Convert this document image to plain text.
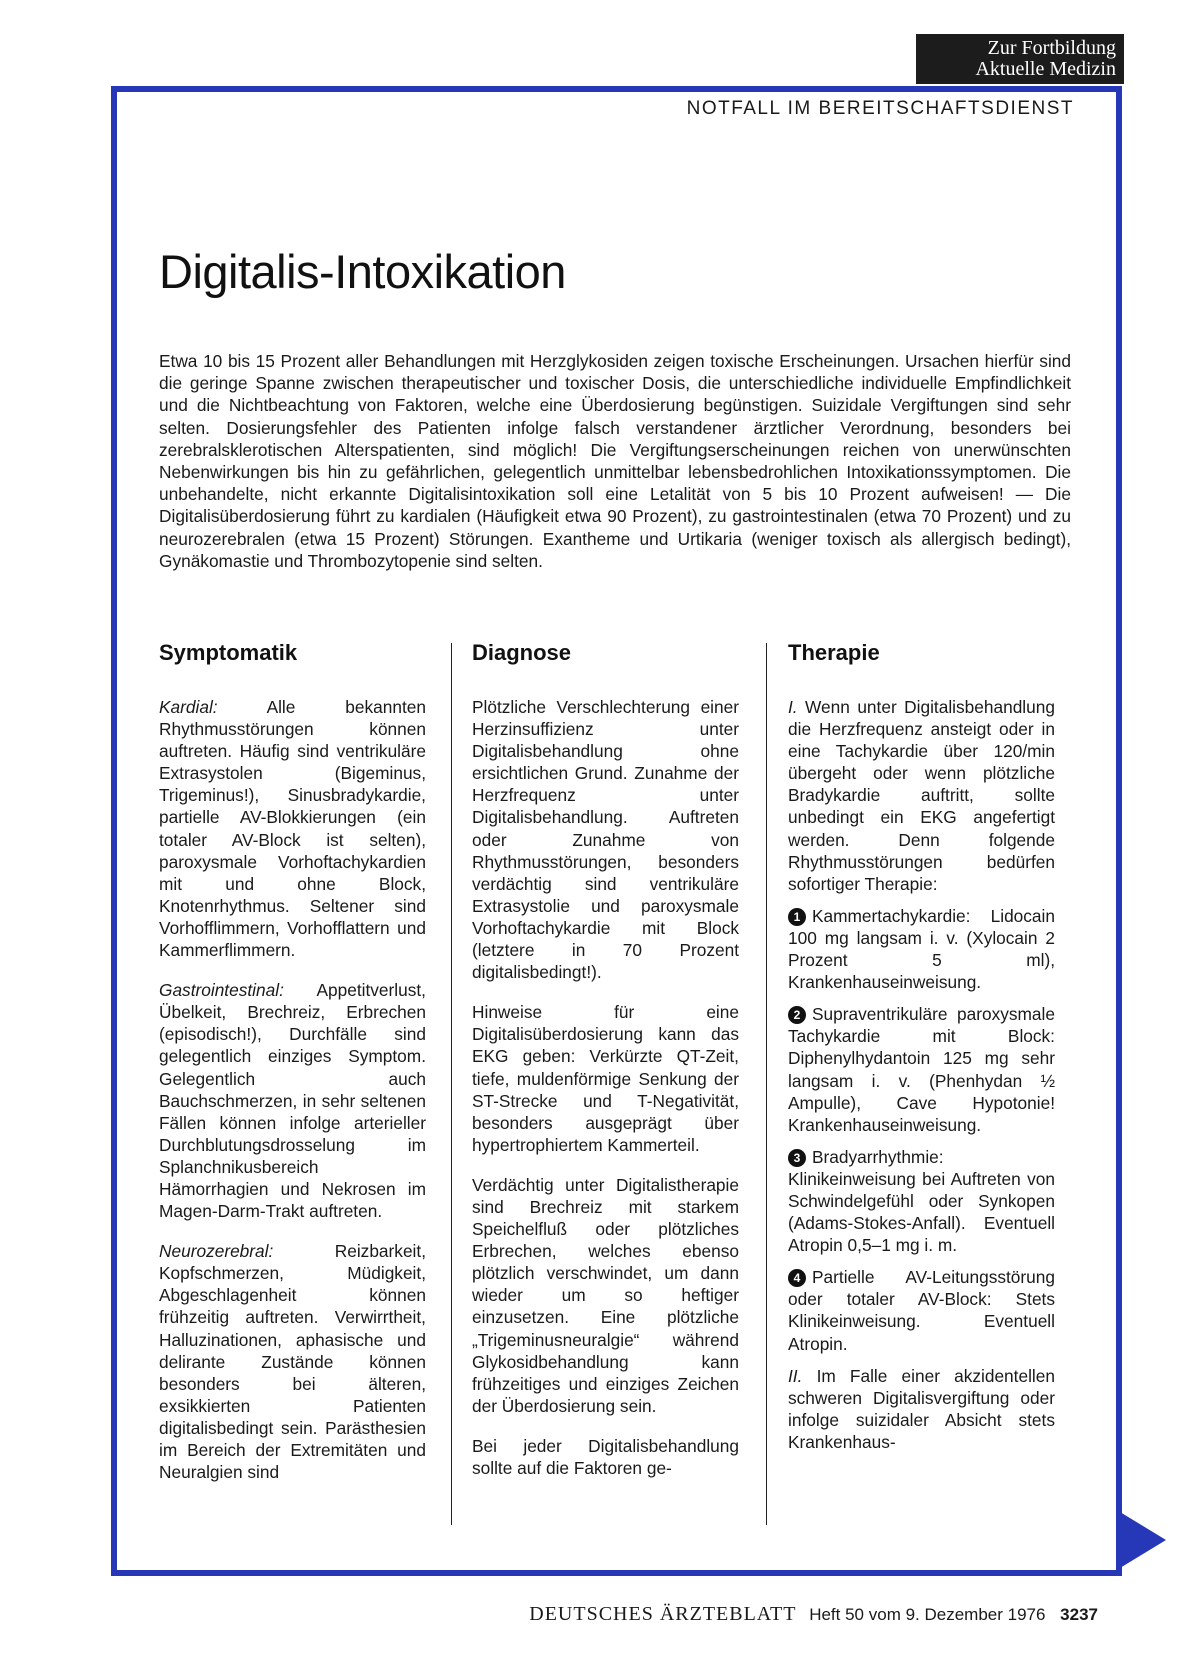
Zur Fortbildung
Aktuelle Medizin
NOTFALL IM BEREITSCHAFTSDIENST
Digitalis-Intoxikation

Etwa 10 bis 15 Prozent aller Behandlungen mit Herzglykosiden zeigen toxische Erscheinungen. Ursachen hierfür sind die geringe Spanne zwischen therapeutischer und toxischer Dosis, die unterschiedliche individuelle Empfindlichkeit und die Nichtbeachtung von Faktoren, welche eine Überdosierung begünstigen. Suizidale Vergiftungen sind sehr selten. Dosierungsfehler des Patienten infolge falsch verstandener ärztlicher Verordnung, besonders bei zerebralsklerotischen Alterspatienten, sind möglich! Die Vergiftungserscheinungen reichen von unerwünschten Nebenwirkungen bis hin zu gefährlichen, gelegentlich unmittelbar lebensbedrohlichen Intoxikationssymptomen. Die unbehandelte, nicht erkannte Digitalisintoxikation soll eine Letalität von 5 bis 10 Prozent aufweisen! — Die Digitalisüberdosierung führt zu kardialen (Häufigkeit etwa 90 Prozent), zu gastrointestinalen (etwa 70 Prozent) und zu neurozerebralen (etwa 15 Prozent) Störungen. Exantheme und Urtikaria (weniger toxisch als allergisch bedingt), Gynäkomastie und Thrombozytopenie sind selten.

Symptomatik

Kardial:	Alle bekannten Rhythmusstörungen können auftreten. Häufig sind ventrikuläre Extrasystolen (Bigeminus, Trigeminus!), Sinusbradykardie, partielle AV-Blokkierungen (ein totaler AV-Block ist selten), paroxysmale Vorhoftachykardien mit und ohne Block, Knotenrhythmus. Seltener sind Vorhofflimmern, Vorhofflattern und Kammerflimmern.

Gastrointestinal: Appetitverlust, Übelkeit, Brechreiz, Erbrechen (episodisch!), Durchfälle sind gelegentlich einziges Symptom. Gelegentlich auch Bauchschmerzen, in sehr seltenen Fällen können infolge arterieller Durchblutungsdrosselung im Splanchnikusbereich Hämorrhagien und Nekrosen im Magen-Darm-Trakt auftreten.

Neurozerebral:	Reizbarkeit, Kopfschmerzen, Müdigkeit, Abgeschlagenheit können frühzeitig auftreten. Verwirrtheit, Halluzinationen, aphasische und delirante Zustände können besonders bei älteren, exsikkierten Patienten digitalisbedingt sein. Parästhesien im Bereich der Extremitäten und Neuralgien sind

Diagnose

Plötzliche Verschlechterung einer Herzinsuffizienz unter Digitalisbehandlung ohne ersichtlichen Grund. Zunahme der Herzfrequenz unter Digitalisbehandlung. Auftreten oder Zunahme von Rhythmusstörungen, besonders verdächtig sind ventrikuläre Extrasystolie und paroxysmale Vorhoftachykardie mit Block (letztere in 70 Prozent digitalisbedingt!).

Hinweise für eine Digitalisüberdosierung kann das EKG geben: Verkürzte QT-Zeit, tiefe, muldenförmige Senkung der ST-Strecke und T-Negativität, besonders ausgeprägt über hypertrophiertem Kammerteil.

Verdächtig unter Digitalistherapie sind Brechreiz mit starkem Speichelfluß oder plötzliches Erbrechen, welches ebenso plötzlich verschwindet, um dann wieder um so heftiger einzusetzen. Eine plötzliche „Trigeminusneuralgie“ während Glykosidbehandlung kann frühzeitiges und einziges Zeichen der Überdosierung sein.

Bei jeder Digitalisbehandlung sollte auf die Faktoren ge-

Therapie

I. Wenn unter Digitalisbehandlung die Herzfrequenz ansteigt oder in eine Tachykardie über 120/min übergeht oder wenn plötzliche Bradykardie auftritt, sollte unbedingt ein EKG angefertigt werden. Denn folgende Rhythmusstörungen bedürfen sofortiger Therapie:

1 Kammertachykardie: Lidocain 100 mg langsam i. v. (Xylocain 2 Prozent 5 ml), Krankenhauseinweisung.

2 Supraventrikuläre paroxysmale Tachykardie mit Block: Diphenylhydantoin 125 mg sehr langsam i. v. (Phenhydan ½ Ampulle), Cave Hypotonie! Krankenhauseinweisung.

3 Bradyarrhythmie: Klinikeinweisung bei Auftreten von Schwindelgefühl oder Synkopen (Adams-Stokes-Anfall). Eventuell Atropin 0,5–1 mg i. m.

4 Partielle AV-Leitungsstörung oder totaler AV-Block: Stets Klinikeinweisung. Eventuell Atropin.

II. Im Falle einer akzidentellen schweren Digitalisvergiftung oder infolge suizidaler Absicht stets Krankenhaus-

DEUTSCHES ÄRZTEBLATT Heft 50 vom 9. Dezember 1976 3237
